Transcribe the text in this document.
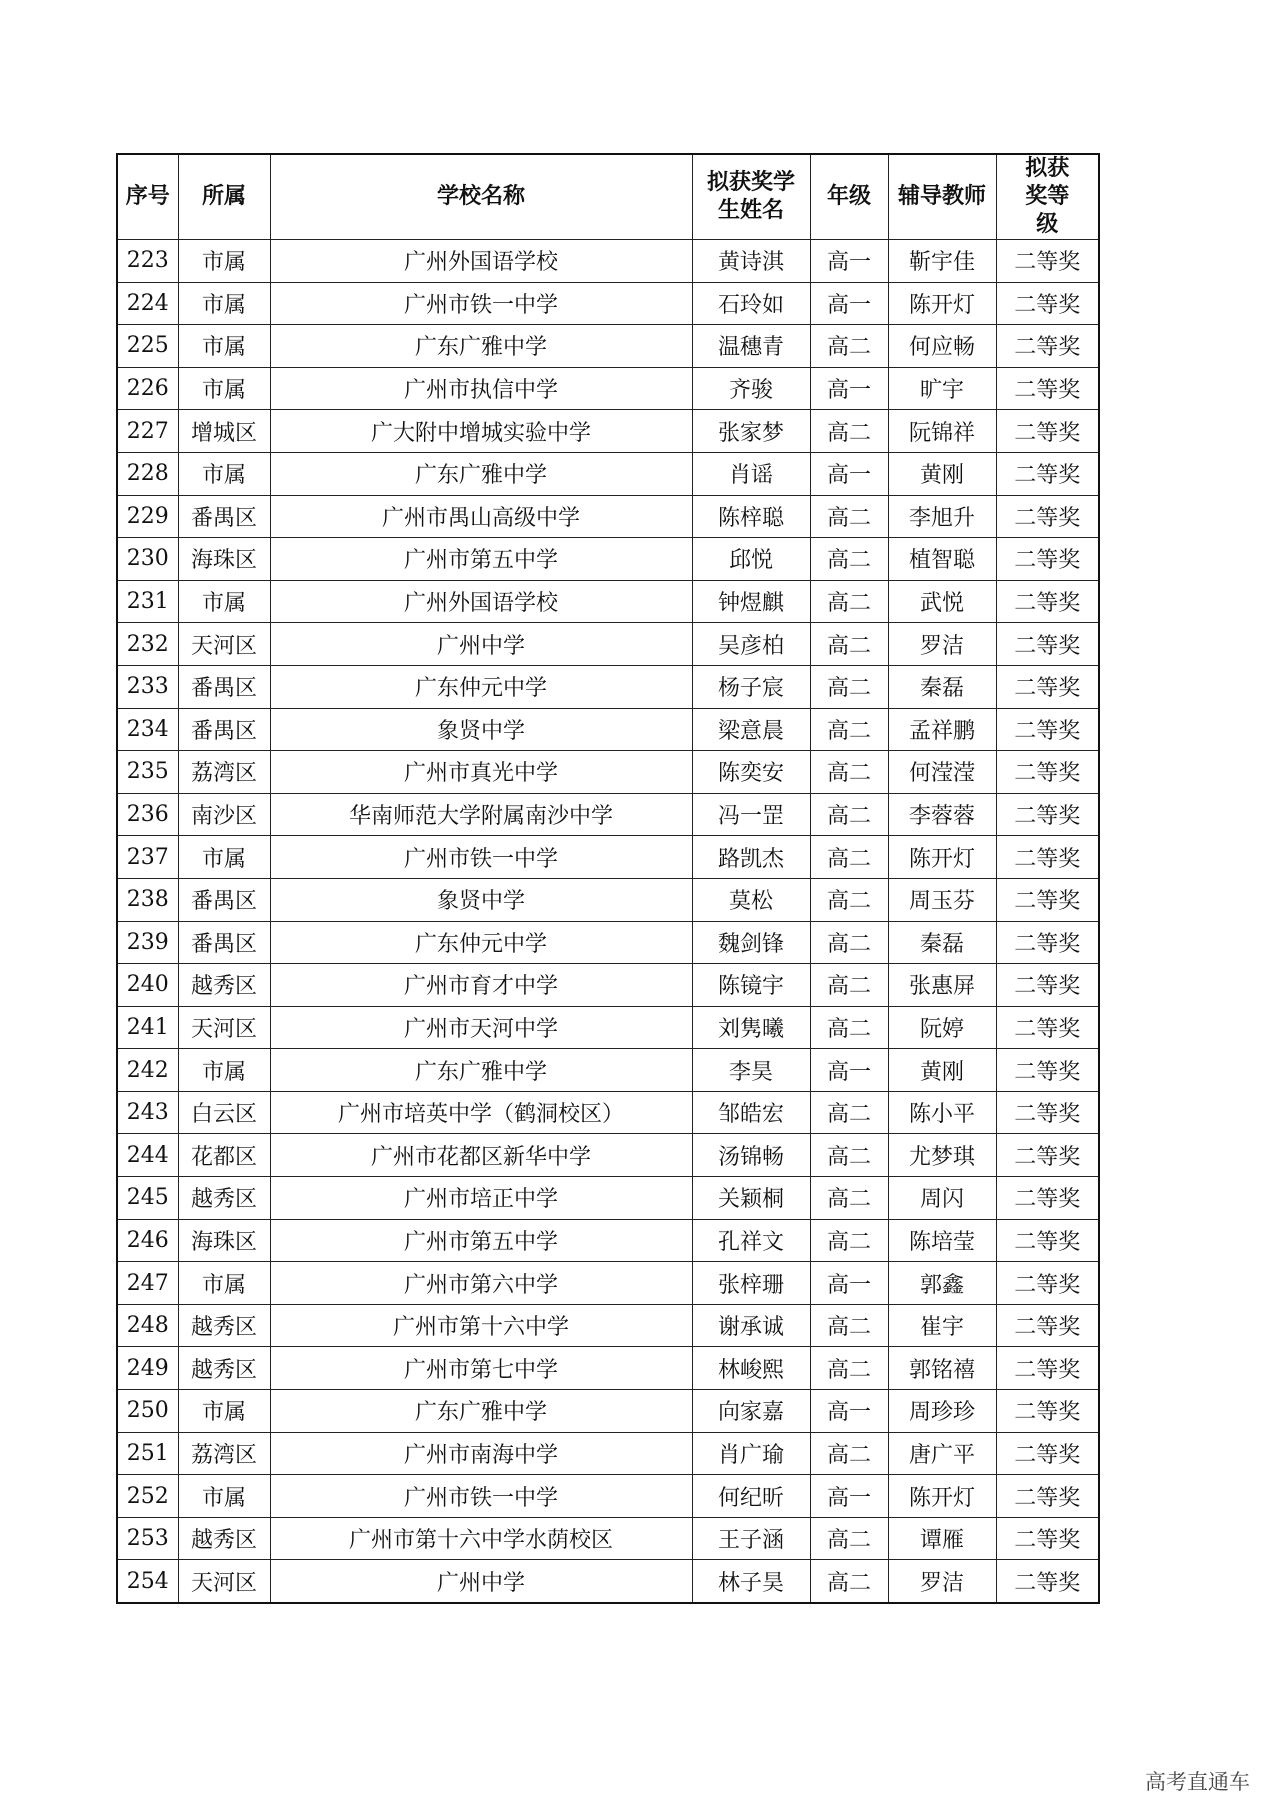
序号	所属	学校名称	拟获奖学生姓名	年级	辅导教师	拟获奖等级
223	市属	广州外国语学校	黄诗淇	高一	靳宇佳	二等奖
224	市属	广州市铁一中学	石玲如	高一	陈开灯	二等奖
225	市属	广东广雅中学	温穗青	高二	何应畅	二等奖
226	市属	广州市执信中学	齐骏	高一	旷宇	二等奖
227	增城区	广大附中增城实验中学	张家梦	高二	阮锦祥	二等奖
228	市属	广东广雅中学	肖谣	高一	黄刚	二等奖
229	番禺区	广州市禺山高级中学	陈梓聪	高二	李旭升	二等奖
230	海珠区	广州市第五中学	邱悦	高二	植智聪	二等奖
231	市属	广州外国语学校	钟煜麒	高二	武悦	二等奖
232	天河区	广州中学	吴彦柏	高二	罗洁	二等奖
233	番禺区	广东仲元中学	杨子宸	高二	秦磊	二等奖
234	番禺区	象贤中学	梁意晨	高二	孟祥鹏	二等奖
235	荔湾区	广州市真光中学	陈奕安	高二	何滢滢	二等奖
236	南沙区	华南师范大学附属南沙中学	冯一罡	高二	李蓉蓉	二等奖
237	市属	广州市铁一中学	路凯杰	高二	陈开灯	二等奖
238	番禺区	象贤中学	莫松	高二	周玉芬	二等奖
239	番禺区	广东仲元中学	魏剑锋	高二	秦磊	二等奖
240	越秀区	广州市育才中学	陈镜宇	高二	张惠屏	二等奖
241	天河区	广州市天河中学	刘隽曦	高二	阮婷	二等奖
242	市属	广东广雅中学	李昊	高一	黄刚	二等奖
243	白云区	广州市培英中学（鹤洞校区）	邹皓宏	高二	陈小平	二等奖
244	花都区	广州市花都区新华中学	汤锦畅	高二	尤梦琪	二等奖
245	越秀区	广州市培正中学	关颖桐	高二	周闪	二等奖
246	海珠区	广州市第五中学	孔祥文	高二	陈培莹	二等奖
247	市属	广州市第六中学	张梓珊	高一	郭鑫	二等奖
248	越秀区	广州市第十六中学	谢承诚	高二	崔宇	二等奖
249	越秀区	广州市第七中学	林峻熙	高二	郭铭禧	二等奖
250	市属	广东广雅中学	向家嘉	高一	周珍珍	二等奖
251	荔湾区	广州市南海中学	肖广瑜	高二	唐广平	二等奖
252	市属	广州市铁一中学	何纪昕	高一	陈开灯	二等奖
253	越秀区	广州市第十六中学水荫校区	王子涵	高二	谭雁	二等奖
254	天河区	广州中学	林子昊	高二	罗洁	二等奖
高考直通车
